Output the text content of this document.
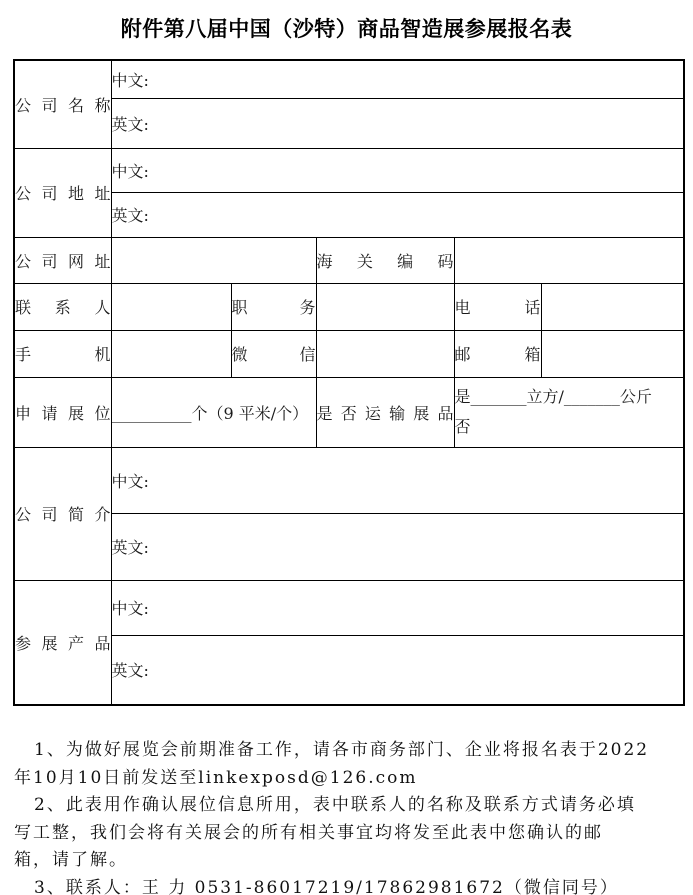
附件第八届中国（沙特）商品智造展参展报名表
公司名称	中文:				
	英文:				
公司地址	中文:				
	英文:				
公司网址			海关编码		
联系人		职务		电话	
手机		微信		邮箱	
申请展位	__________个（9 平米/个）		是否运输展品	是_______立方/_______公斤
否	

公司简介	中文:				
	英文:				
参展产品	中文:				
	英文:				
1、为做好展览会前期准备工作，请各市商务部门、企业将报名表于2022
年10月10日前发送至linkexposd@126.com
2、此表用作确认展位信息所用，表中联系人的名称及联系方式请务必填
写工整，我们会将有关展会的所有相关事宜均将发至此表中您确认的邮
箱，请了解。
3、联系人：王 力 0531-86017219/17862981672（微信同号）
